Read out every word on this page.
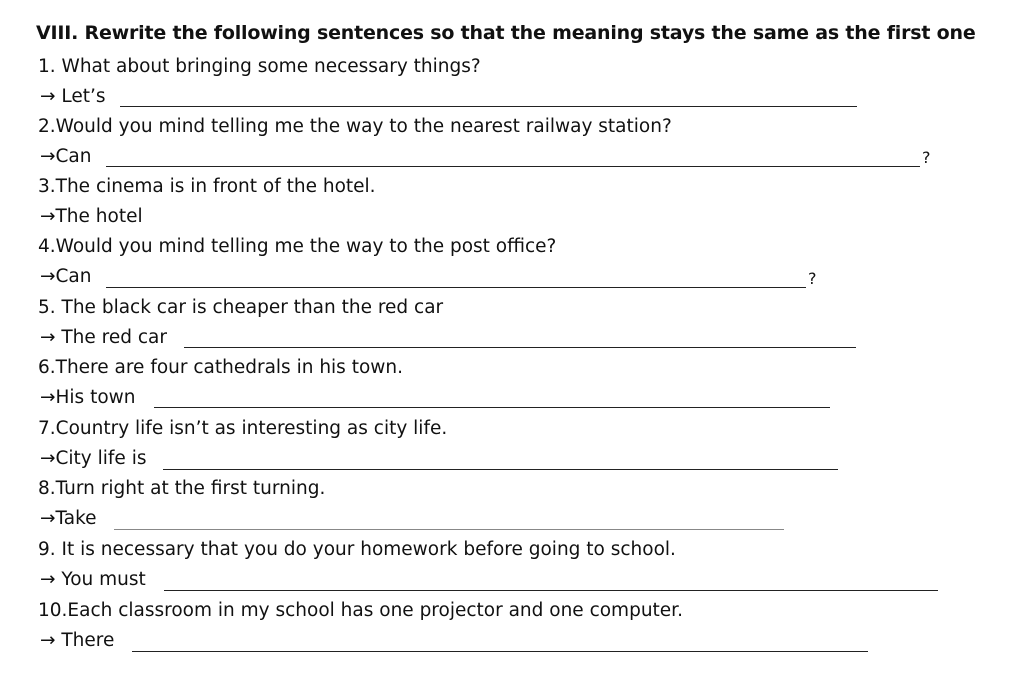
VIII. Rewrite the following sentences so that the meaning stays the same as the first one
1. What about bringing some necessary things?
→ Let’s
2.Would you mind telling me the way to the nearest railway station?
→Can	?
3.The cinema is in front of the hotel.
→The hotel
4.Would you mind telling me the way to the post office?
→Can	?
5. The black car is cheaper than the red car
→ The red car
6.There are four cathedrals in his town.
→His town
7.Country life isn’t as interesting as city life.
→City life is
8.Turn right at the first turning.
→Take
9. It is necessary that you do your homework before going to school.
→ You must
10.Each classroom in my school has one projector and one computer.
→ There
